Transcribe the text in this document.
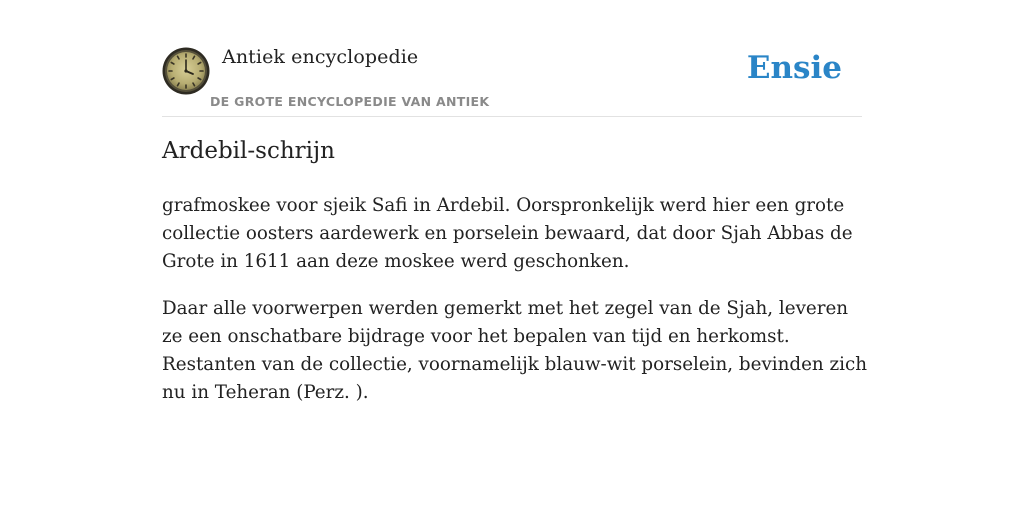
Antiek encyclopedie
DE GROTE ENCYCLOPEDIE VAN ANTIEK
Ensie
Ardebil-schrijn

grafmoskee voor sjeik Safi in Ardebil. Oorspronkelijk werd hier een grote collectie oosters aardewerk en porselein bewaard, dat door Sjah Abbas de Grote in 1611 aan deze moskee werd geschonken.

Daar alle voorwerpen werden gemerkt met het zegel van de Sjah, leveren ze een onschatbare bijdrage voor het bepalen van tijd en herkomst. Restanten van de collectie, voornamelijk blauw-wit porselein, bevinden zich nu in Teheran (Perz. ).
